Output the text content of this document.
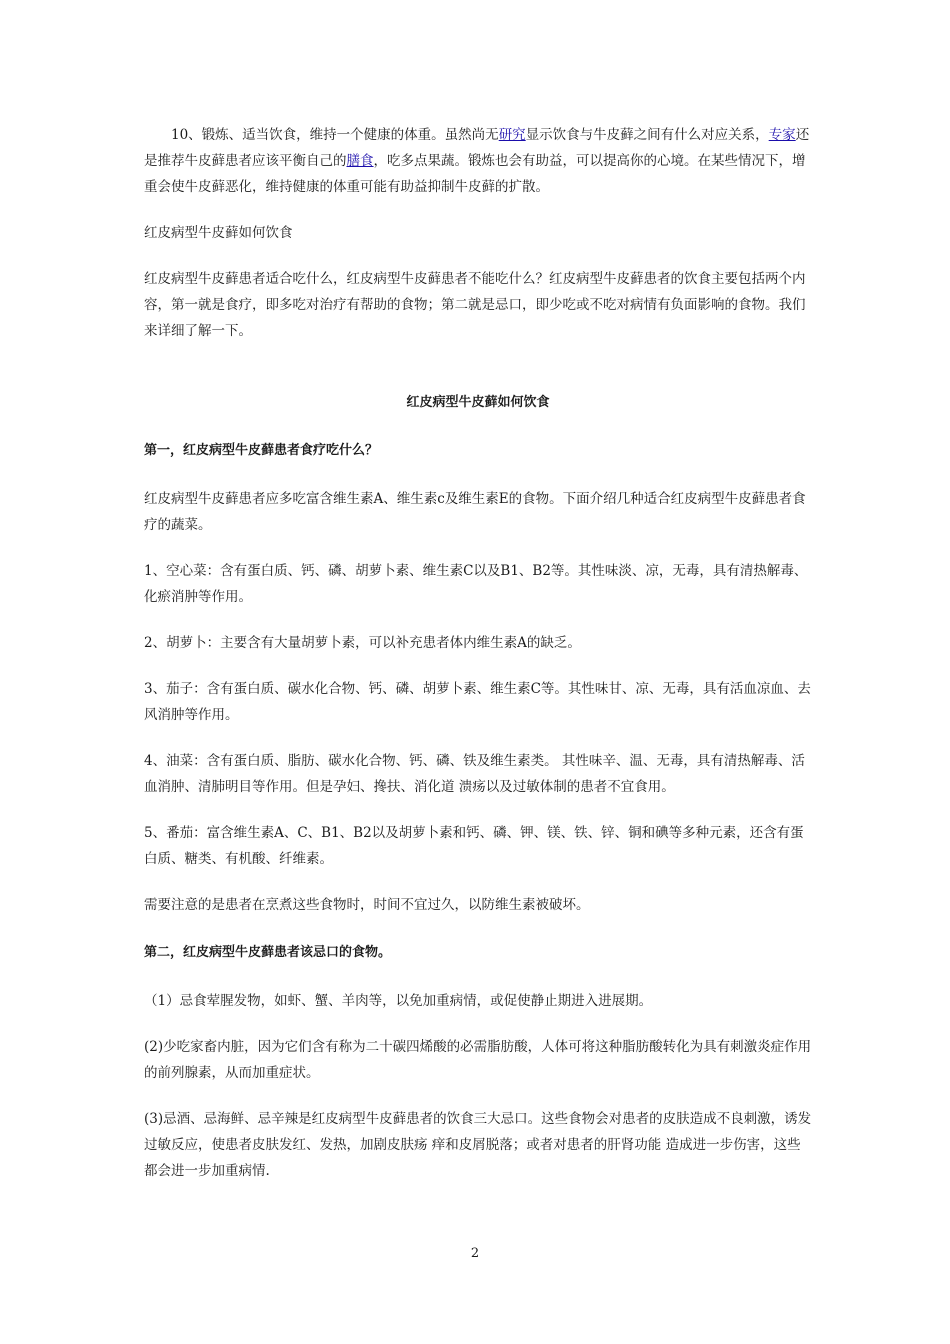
10、锻炼、适当饮食，维持一个健康的体重。虽然尚无研究显示饮食与牛皮藓之间有什么对应关系，专家还是推荐牛皮藓患者应该平衡自己的膳食，吃多点果蔬。锻炼也会有助益，可以提高你的心境。在某些情况下，增重会使牛皮藓恶化，维持健康的体重可能有助益抑制牛皮藓的扩散。

红皮病型牛皮藓如何饮食

红皮病型牛皮藓患者适合吃什么，红皮病型牛皮藓患者不能吃什么？红皮病型牛皮藓患者的饮食主要包括两个内容，第一就是食疗，即多吃对治疗有帮助的食物；第二就是忌口，即少吃或不吃对病情有负面影响的食物。我们来详细了解一下。

红皮病型牛皮藓如何饮食

第一，红皮病型牛皮藓患者食疗吃什么？

红皮病型牛皮藓患者应多吃富含维生素A、维生素c及维生素E的食物。下面介绍几种适合红皮病型牛皮藓患者食疗的蔬菜。

1、空心菜：含有蛋白质、钙、磷、胡萝卜素、维生素C以及B1、B2等。其性味淡、凉，无毒，具有清热解毒、化瘀消肿等作用。

2、胡萝卜：主要含有大量胡萝卜素，可以补充患者体内维生素A的缺乏。

3、茄子：含有蛋白质、碳水化合物、钙、磷、胡萝卜素、维生素C等。其性味甘、凉、无毒，具有活血凉血、去风消肿等作用。

4、油菜：含有蛋白质、脂肪、碳水化合物、钙、磷、铁及维生素类。 其性味辛、温、无毒，具有清热解毒、活血消肿、清肺明目等作用。但是孕妇、搀扶、消化道 溃疡以及过敏体制的患者不宜食用。

5、番茄：富含维生素A、C、B1、B2以及胡萝卜素和钙、磷、钾、镁、铁、锌、铜和碘等多种元素，还含有蛋白质、糖类、有机酸、纤维素。

需要注意的是患者在烹煮这些食物时，时间不宜过久，以防维生素被破坏。

第二，红皮病型牛皮藓患者该忌口的食物。

（1）忌食荤腥发物，如虾、蟹、羊肉等，以免加重病情，或促使静止期进入进展期。

(2)少吃家畜内脏，因为它们含有称为二十碳四烯酸的必需脂肪酸，人体可将这种脂肪酸转化为具有刺激炎症作用的前列腺素，从而加重症状。

(3)忌酒、忌海鲜、忌辛辣是红皮病型牛皮藓患者的饮食三大忌口。这些食物会对患者的皮肤造成不良刺激，诱发过敏反应，使患者皮肤发红、发热，加剧皮肤疡 痒和皮屑脱落；或者对患者的肝肾功能 造成进一步伤害，这些都会进一步加重病情.

2
